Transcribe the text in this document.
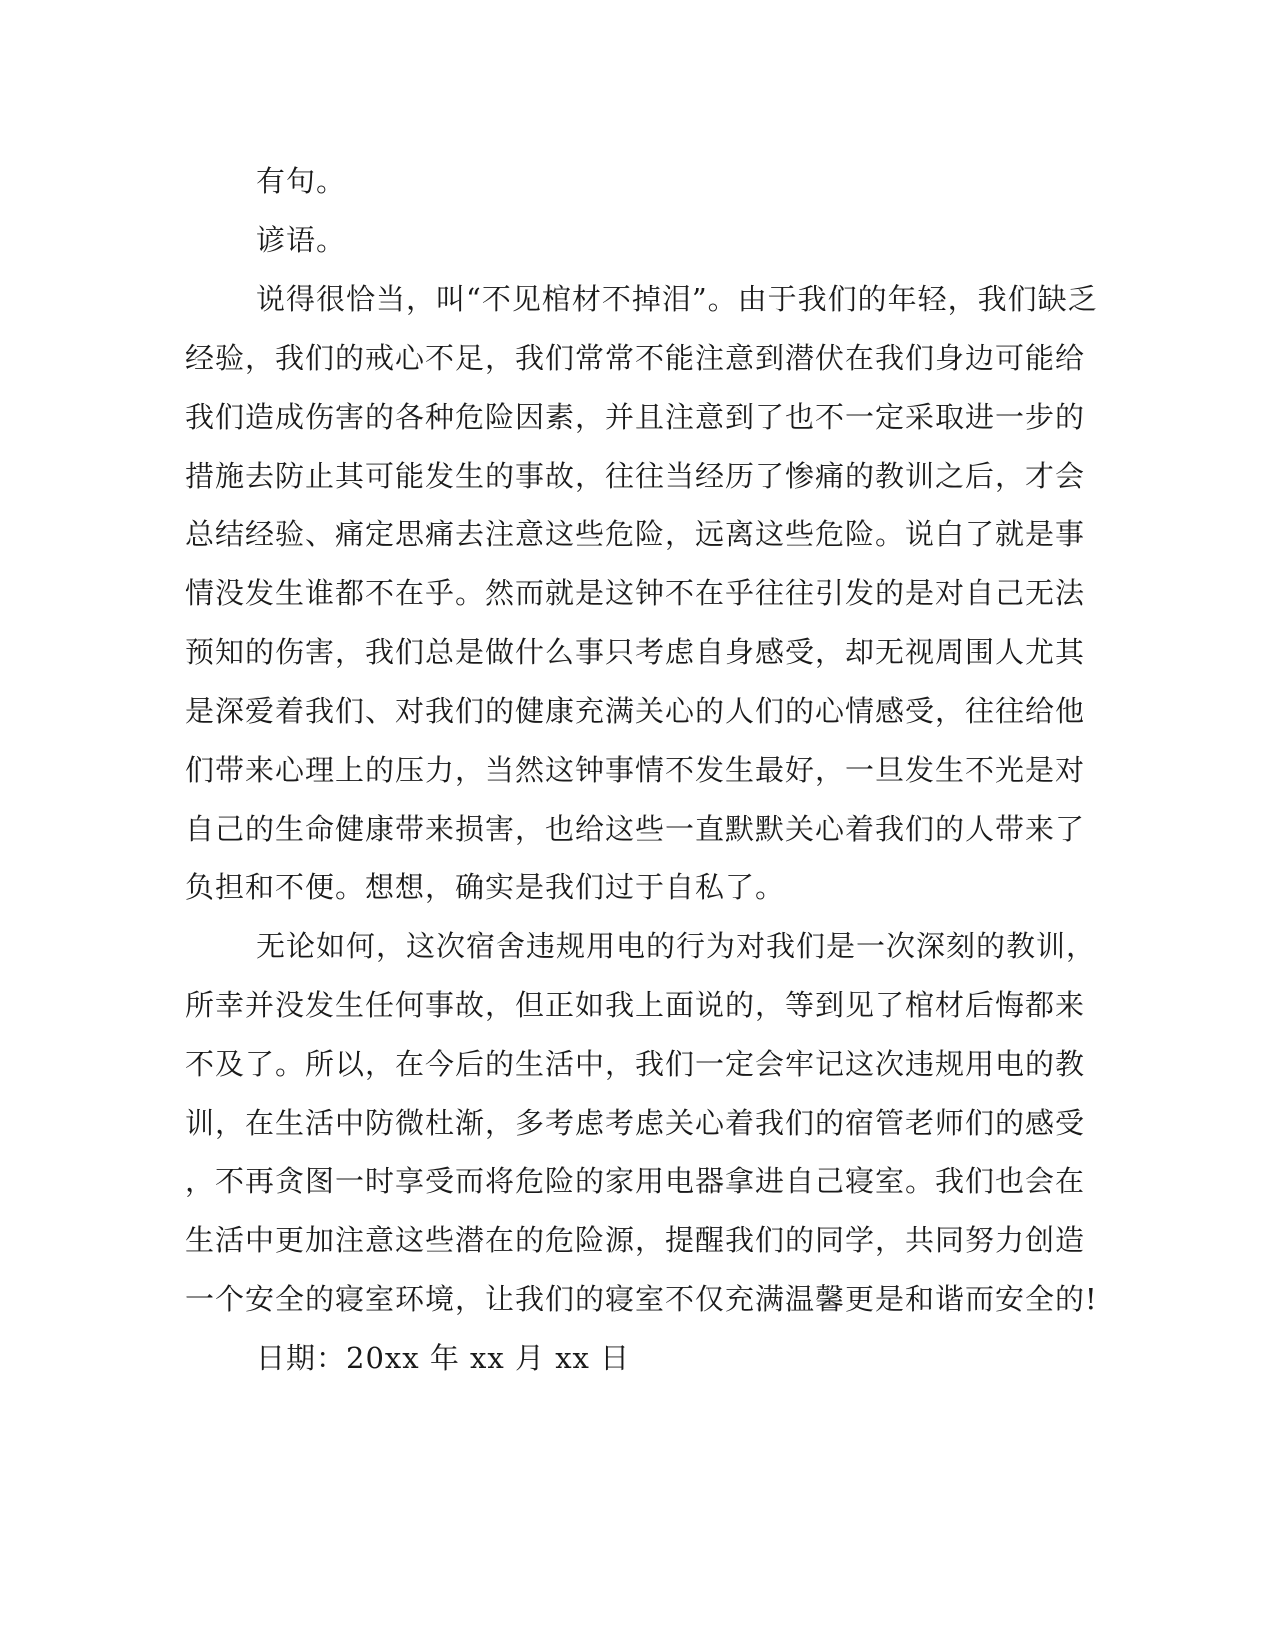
有句。
谚语。
说得很恰当，叫“不见棺材不掉泪”。由于我们的年轻，我们缺乏
经验，我们的戒心不足，我们常常不能注意到潜伏在我们身边可能给
我们造成伤害的各种危险因素，并且注意到了也不一定采取进一步的
措施去防止其可能发生的事故，往往当经历了惨痛的教训之后，才会
总结经验、痛定思痛去注意这些危险，远离这些危险。说白了就是事
情没发生谁都不在乎。然而就是这钟不在乎往往引发的是对自己无法
预知的伤害，我们总是做什么事只考虑自身感受，却无视周围人尤其
是深爱着我们、对我们的健康充满关心的人们的心情感受，往往给他
们带来心理上的压力，当然这钟事情不发生最好，一旦发生不光是对
自己的生命健康带来损害，也给这些一直默默关心着我们的人带来了
负担和不便。想想，确实是我们过于自私了。
无论如何，这次宿舍违规用电的行为对我们是一次深刻的教训，
所幸并没发生任何事故，但正如我上面说的，等到见了棺材后悔都来
不及了。所以，在今后的生活中，我们一定会牢记这次违规用电的教
训，在生活中防微杜渐，多考虑考虑关心着我们的宿管老师们的感受
，不再贪图一时享受而将危险的家用电器拿进自己寝室。我们也会在
生活中更加注意这些潜在的危险源，提醒我们的同学，共同努力创造
一个安全的寝室环境，让我们的寝室不仅充满温馨更是和谐而安全的!
日期：20xx 年 xx 月 xx 日
